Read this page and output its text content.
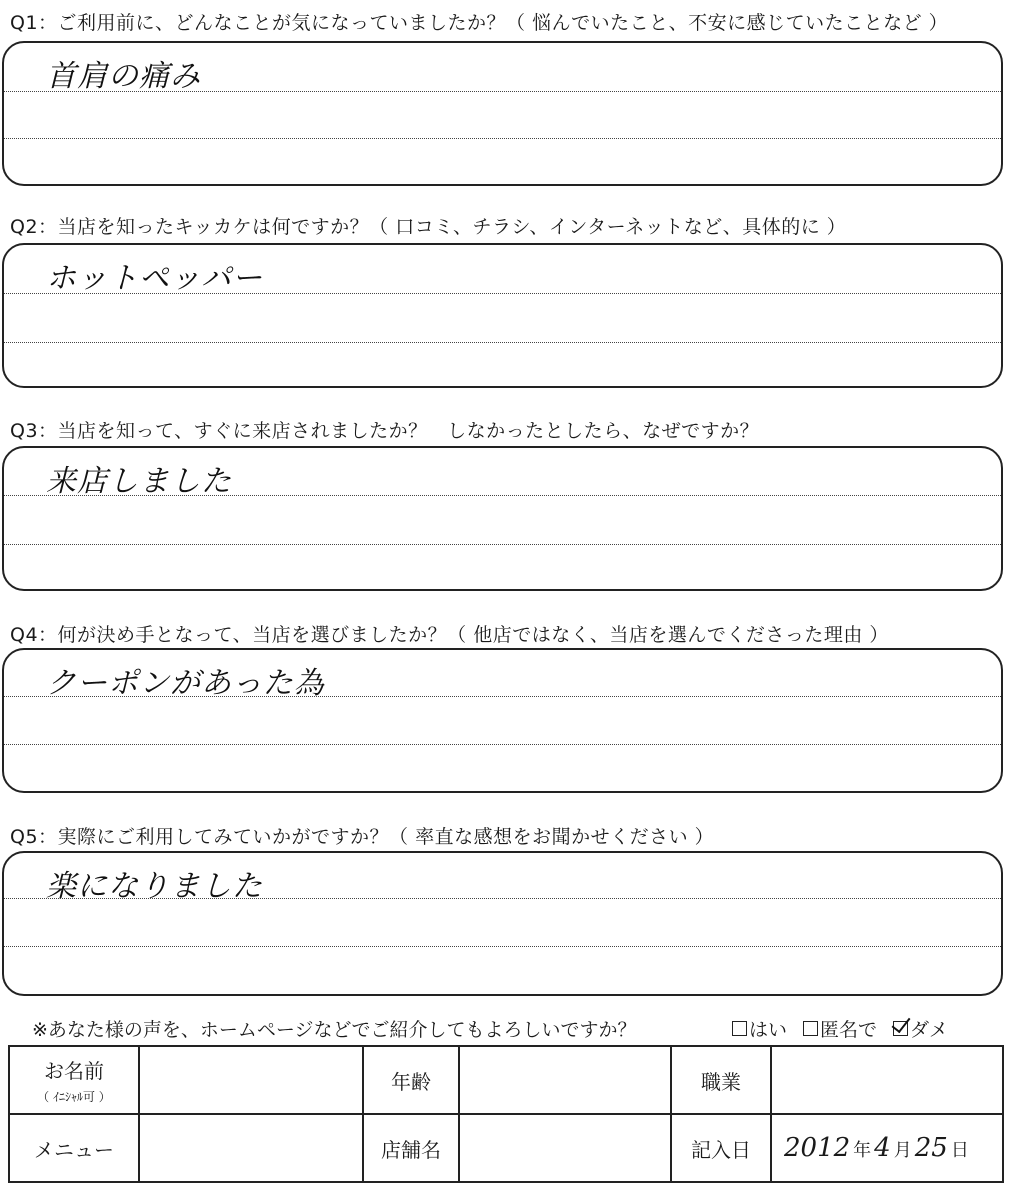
Q1：ご利用前に、どんなことが気になっていましたか？（ 悩んでいたこと、不安に感じていたことなど ）
首肩の痛み
Q2：当店を知ったキッカケは何ですか？（ 口コミ、チラシ、インターネットなど、具体的に ）
ホットペッパー
Q3：当店を知って、すぐに来店されましたか？　しなかったとしたら、なぜですか？
来店しました
Q4：何が決め手となって、当店を選びましたか？（ 他店ではなく、当店を選んでくださった理由 ）
クーポンがあった為
Q5：実際にご利用してみていかがですか？（ 率直な感想をお聞かせください ）
楽になりました
※あなた様の声を、ホームページなどでご紹介してもよろしいですか？	はい 匿名で ダメ
お名前
（ ｲﾆｼｬﾙ可 ）		年齢		職業	
メニュー		店舗名		記入日	2012 年 4 月 25 日
